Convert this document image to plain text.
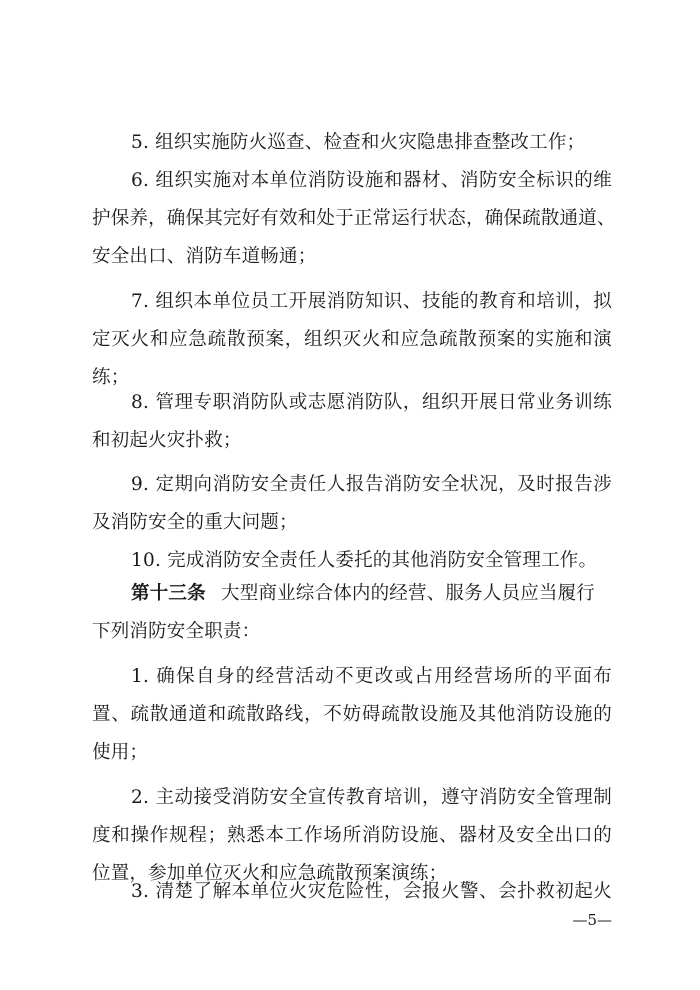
5. 组织实施防火巡查、检查和火灾隐患排查整改工作；
6. 组织实施对本单位消防设施和器材、消防安全标识的维
护保养，确保其完好有效和处于正常运行状态，确保疏散通道、
安全出口、消防车道畅通；
7. 组织本单位员工开展消防知识、技能的教育和培训，拟
定灭火和应急疏散预案，组织灭火和应急疏散预案的实施和演
练；
8. 管理专职消防队或志愿消防队，组织开展日常业务训练
和初起火灾扑救；
9. 定期向消防安全责任人报告消防安全状况，及时报告涉
及消防安全的重大问题；
10. 完成消防安全责任人委托的其他消防安全管理工作。
第十三条 大型商业综合体内的经营、服务人员应当履行
下列消防安全职责：
1. 确保自身的经营活动不更改或占用经营场所的平面布
置、疏散通道和疏散路线，不妨碍疏散设施及其他消防设施的
使用；
2. 主动接受消防安全宣传教育培训，遵守消防安全管理制
度和操作规程；熟悉本工作场所消防设施、器材及安全出口的
位置，参加单位灭火和应急疏散预案演练；
3. 清楚了解本单位火灾危险性，会报火警、会扑救初起火
—5—
